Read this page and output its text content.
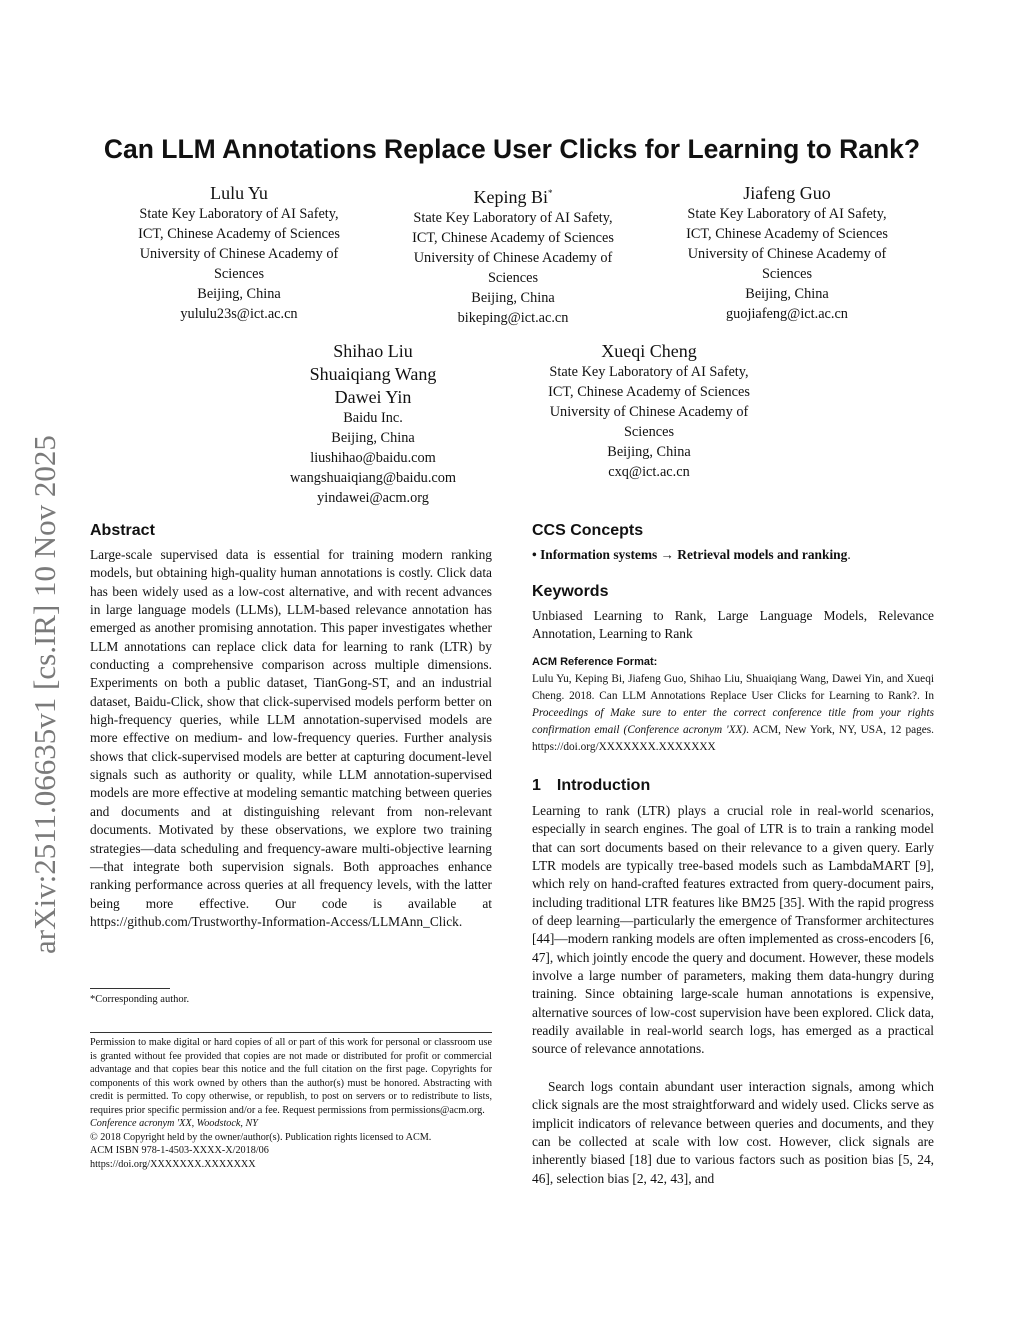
Can LLM Annotations Replace User Clicks for Learning to Rank?
Lulu Yu
State Key Laboratory of AI Safety,
ICT, Chinese Academy of Sciences
University of Chinese Academy of
Sciences
Beijing, China
yululu23s@ict.ac.cn
Keping Bi*
State Key Laboratory of AI Safety,
ICT, Chinese Academy of Sciences
University of Chinese Academy of
Sciences
Beijing, China
bikeping@ict.ac.cn
Jiafeng Guo
State Key Laboratory of AI Safety,
ICT, Chinese Academy of Sciences
University of Chinese Academy of
Sciences
Beijing, China
guojiafeng@ict.ac.cn
Shihao Liu
Shuaiqiang Wang
Dawei Yin
Baidu Inc.
Beijing, China
liushihao@baidu.com
wangshuaiqiang@baidu.com
yindawei@acm.org
Xueqi Cheng
State Key Laboratory of AI Safety,
ICT, Chinese Academy of Sciences
University of Chinese Academy of
Sciences
Beijing, China
cxq@ict.ac.cn
arXiv:2511.06635v1 [cs.IR] 10 Nov 2025 Abstract
Large-scale supervised data is essential for training modern ranking models, but obtaining high-quality human annotations is costly. Click data has been widely used as a low-cost alternative, and with recent advances in large language models (LLMs), LLM-based relevance annotation has emerged as another promising annotation. This paper investigates whether LLM annotations can replace click data for learning to rank (LTR) by conducting a comprehensive comparison across multiple dimensions. Experiments on both a public dataset, TianGong-ST, and an industrial dataset, Baidu-Click, show that click-supervised models perform better on high-frequency queries, while LLM annotation-supervised models are more effective on medium- and low-frequency queries. Further analysis shows that click-supervised models are better at capturing document-level signals such as authority or quality, while LLM annotation-supervised models are more effective at modeling semantic matching between queries and documents and at distinguishing relevant from non-relevant documents. Motivated by these observations, we explore two training strategies—data scheduling and frequency-aware multi-objective learning—that integrate both supervision signals. Both approaches enhance ranking performance across queries at all frequency levels, with the latter being more effective. Our code is available at https://github.com/Trustworthy-Information-Access/LLMAnn_Click.
*Corresponding author.
Permission to make digital or hard copies of all or part of this work for personal or classroom use is granted without fee provided that copies are not made or distributed for profit or commercial advantage and that copies bear this notice and the full citation on the first page. Copyrights for components of this work owned by others than the author(s) must be honored. Abstracting with credit is permitted. To copy otherwise, or republish, to post on servers or to redistribute to lists, requires prior specific permission and/or a fee. Request permissions from permissions@acm.org.
Conference acronym 'XX, Woodstock, NY
© 2018 Copyright held by the owner/author(s). Publication rights licensed to ACM.
ACM ISBN 978-1-4503-XXXX-X/2018/06
https://doi.org/XXXXXXX.XXXXXXX
CCS Concepts
• Information systems → Retrieval models and ranking.
Keywords
Unbiased Learning to Rank, Large Language Models, Relevance Annotation, Learning to Rank
ACM Reference Format:
Lulu Yu, Keping Bi, Jiafeng Guo, Shihao Liu, Shuaiqiang Wang, Dawei Yin, and Xueqi Cheng. 2018. Can LLM Annotations Replace User Clicks for Learning to Rank?. In Proceedings of Make sure to enter the correct conference title from your rights confirmation email (Conference acronym 'XX). ACM, New York, NY, USA, 12 pages. https://doi.org/XXXXXXX.XXXXXXX
1 Introduction
Learning to rank (LTR) plays a crucial role in real-world scenarios, especially in search engines. The goal of LTR is to train a ranking model that can sort documents based on their relevance to a given query. Early LTR models are typically tree-based models such as LambdaMART [9], which rely on hand-crafted features extracted from query-document pairs, including traditional LTR features like BM25 [35]. With the rapid progress of deep learning—particularly the emergence of Transformer architectures [44]—modern ranking models are often implemented as cross-encoders [6, 47], which jointly encode the query and document. However, these models involve a large number of parameters, making them data-hungry during training. Since obtaining large-scale human annotations is expensive, alternative sources of low-cost supervision have been explored. Click data, readily available in real-world search logs, has emerged as a practical source of relevance annotations.
Search logs contain abundant user interaction signals, among which click signals are the most straightforward and widely used. Clicks serve as implicit indicators of relevance between queries and documents, and they can be collected at scale with low cost. However, click signals are inherently biased [18] due to various factors such as position bias [5, 24, 46], selection bias [2, 42, 43], and
